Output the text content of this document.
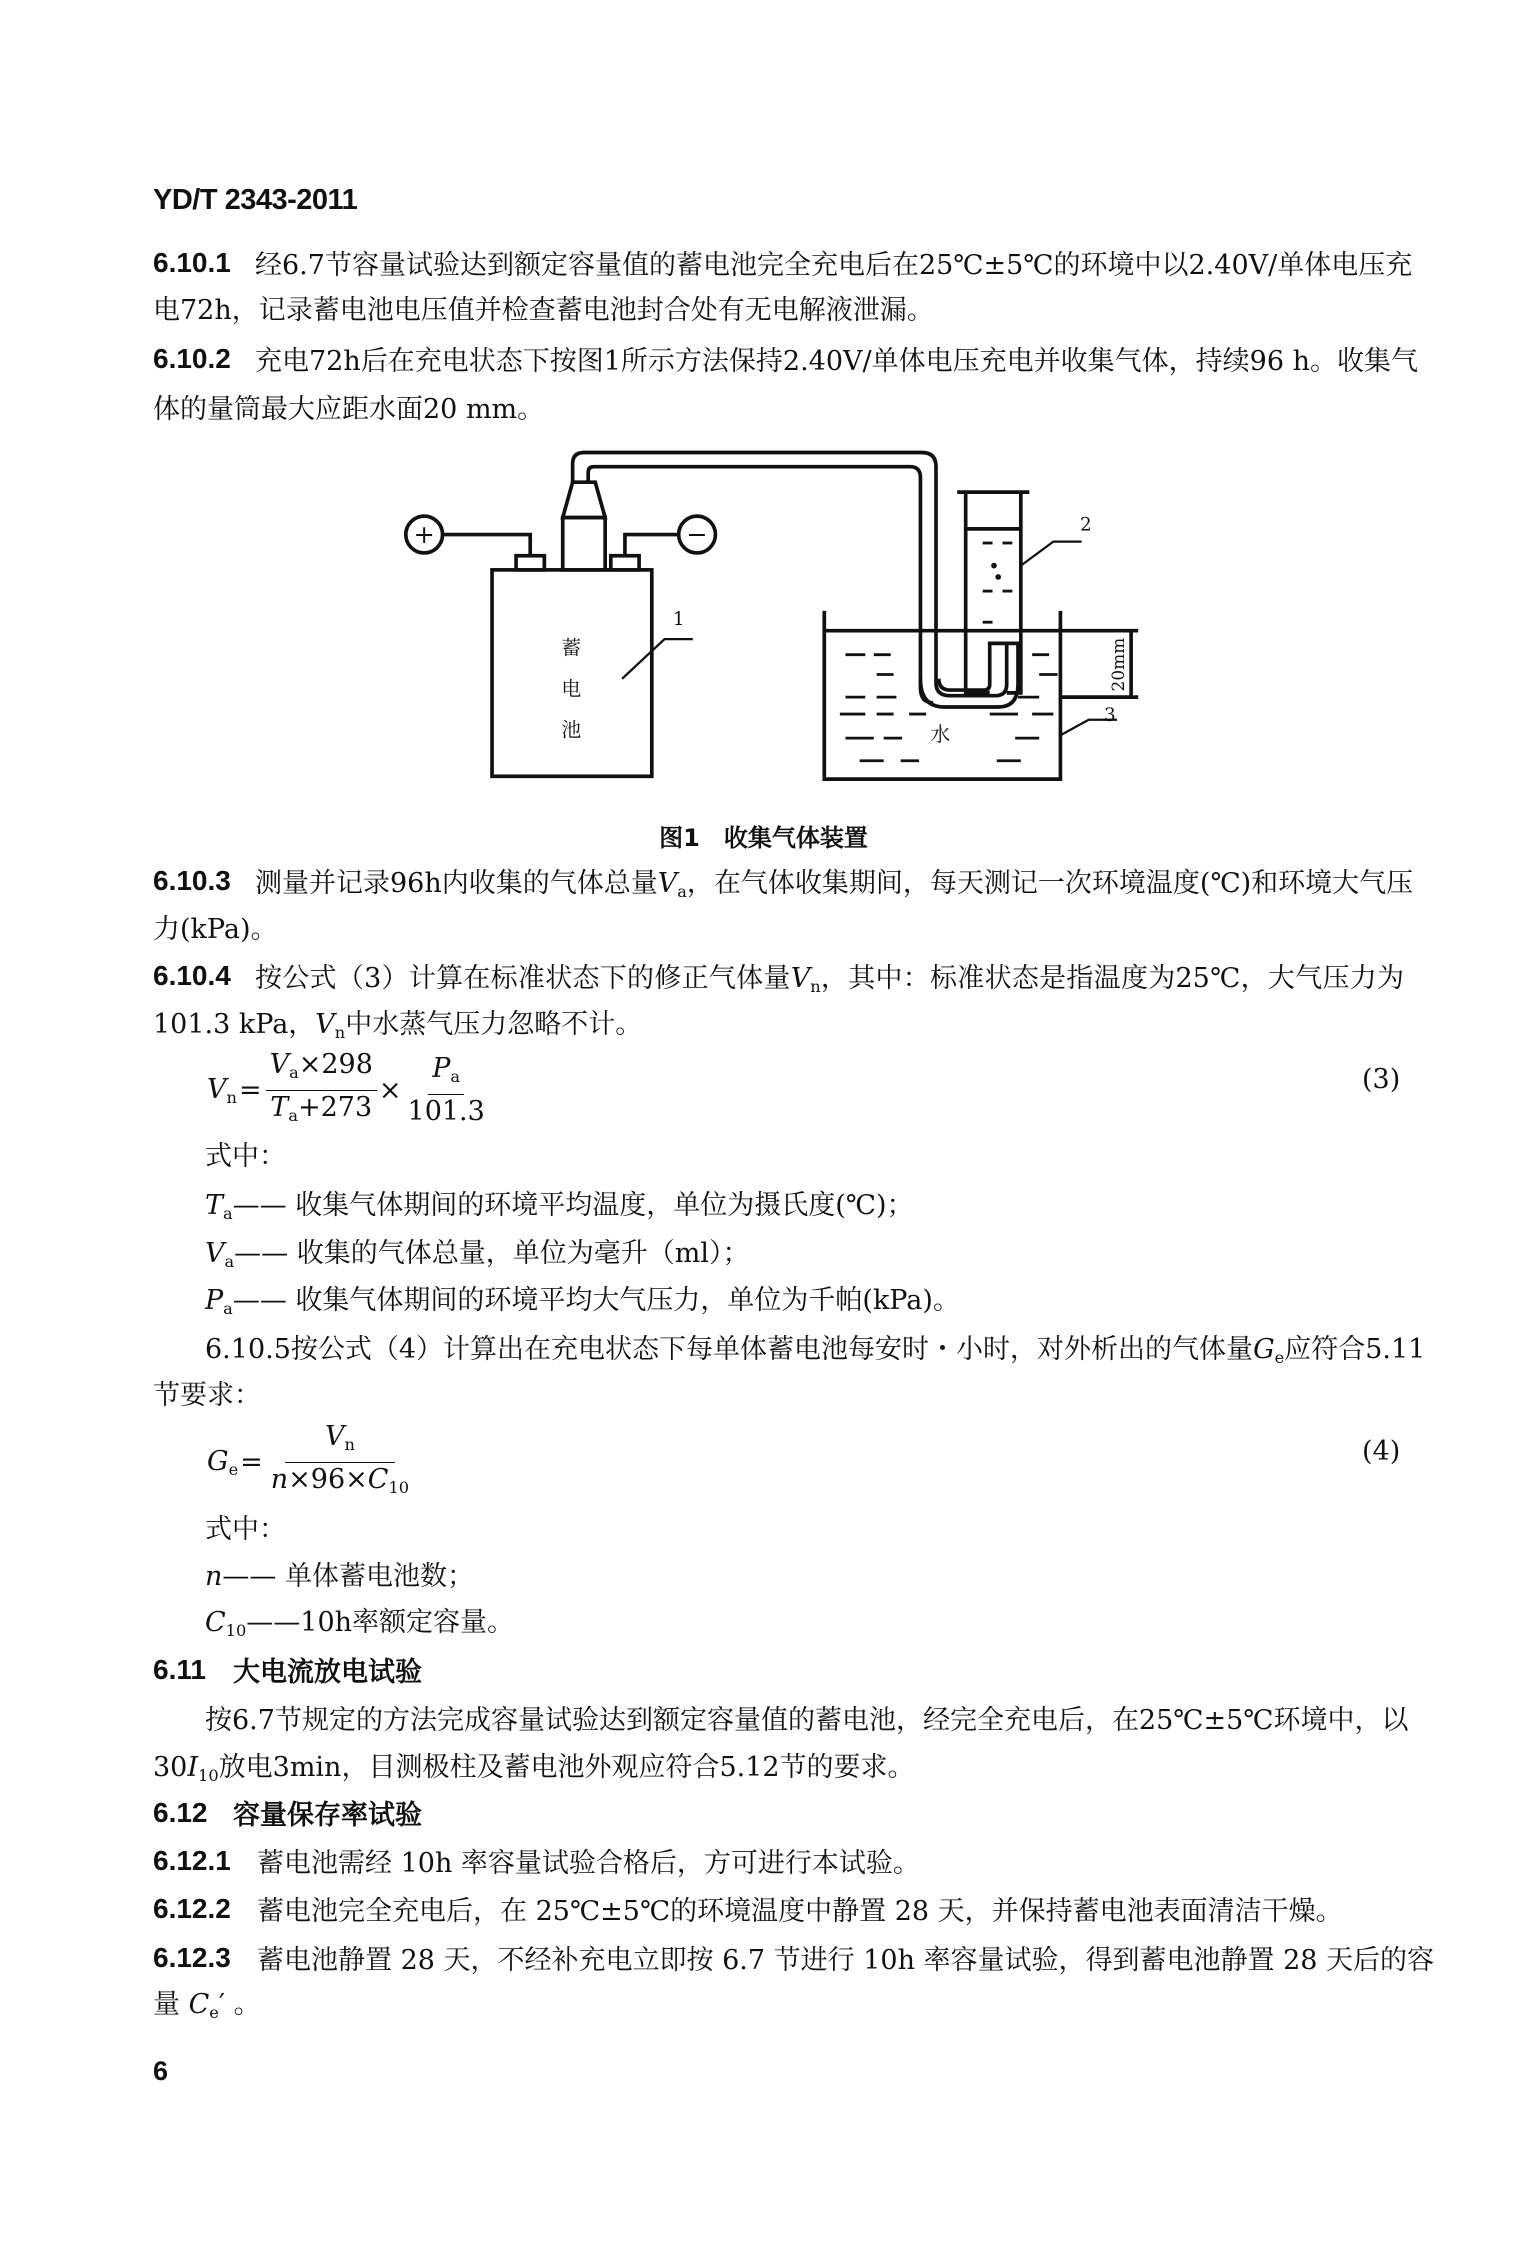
YD/T 2343-2011
6.10.1 经6.7节容量试验达到额定容量值的蓄电池完全充电后在25℃±5℃的环境中以2.40V/单体电压充
电72h，记录蓄电池电压值并检查蓄电池封合处有无电解液泄漏。
6.10.2 充电72h后在充电状态下按图1所示方法保持2.40V/单体电压充电并收集气体，持续96 h。收集气
体的量筒最大应距水面20 mm。
6.10.3 测量并记录96h内收集的气体总量$V_a$，在气体收集期间，每天测记一次环境温度(℃)和环境大气压
力(kPa)。
6.10.4 按公式（3）计算在标准状态下的修正气体量$V_n$，其中：标准状态是指温度为25℃，大气压力为
101.3 kPa，$V_n$中水蒸气压力忽略不计。
式中：
$T_a——$ 收集气体期间的环境平均温度，单位为摄氏度(℃)；
$V_a——$ 收集的气体总量，单位为毫升（ml）；
$P_a——$ 收集气体期间的环境平均大气压力，单位为千帕(kPa)。
6.10.5按公式（4）计算出在充电状态下每单体蓄电池每安时・小时，对外析出的气体量$G_e$应符合5.11
节要求：
式中：
n—— 单体蓄电池数；
$C_{10}——10h$率额定容量。
6.11	大电流放电试验
按6.7节规定的方法完成容量试验达到额定容量值的蓄电池，经完全充电后，在25℃±5℃环境中，以
$30I_{10}$放电3min，目测极柱及蓄电池外观应符合5.12节的要求。
6.12 容量保存率试验
6.12.1 蓄电池需经 10h 率容量试验合格后，方可进行本试验。
6.12.2 蓄电池完全充电后，在 25℃±5℃的环境温度中静置 28 天，并保持蓄电池表面清洁干燥。
6.12.3 蓄电池静置 28 天，不经补充电立即按 6.7 节进行 10h 率容量试验，得到蓄电池静置 28 天后的容
量 $C_e'$ 。
+	−
蓄
电
池	水
1
2
3
20mm
图1　收集气体装置
$V_n = \frac{V_a\times 298}{T_a+273} \times \frac{P_a}{101.3}$	(3)
$G_e = \frac{V_n}{n\times 96\times C_{10}}$	(4)
6
